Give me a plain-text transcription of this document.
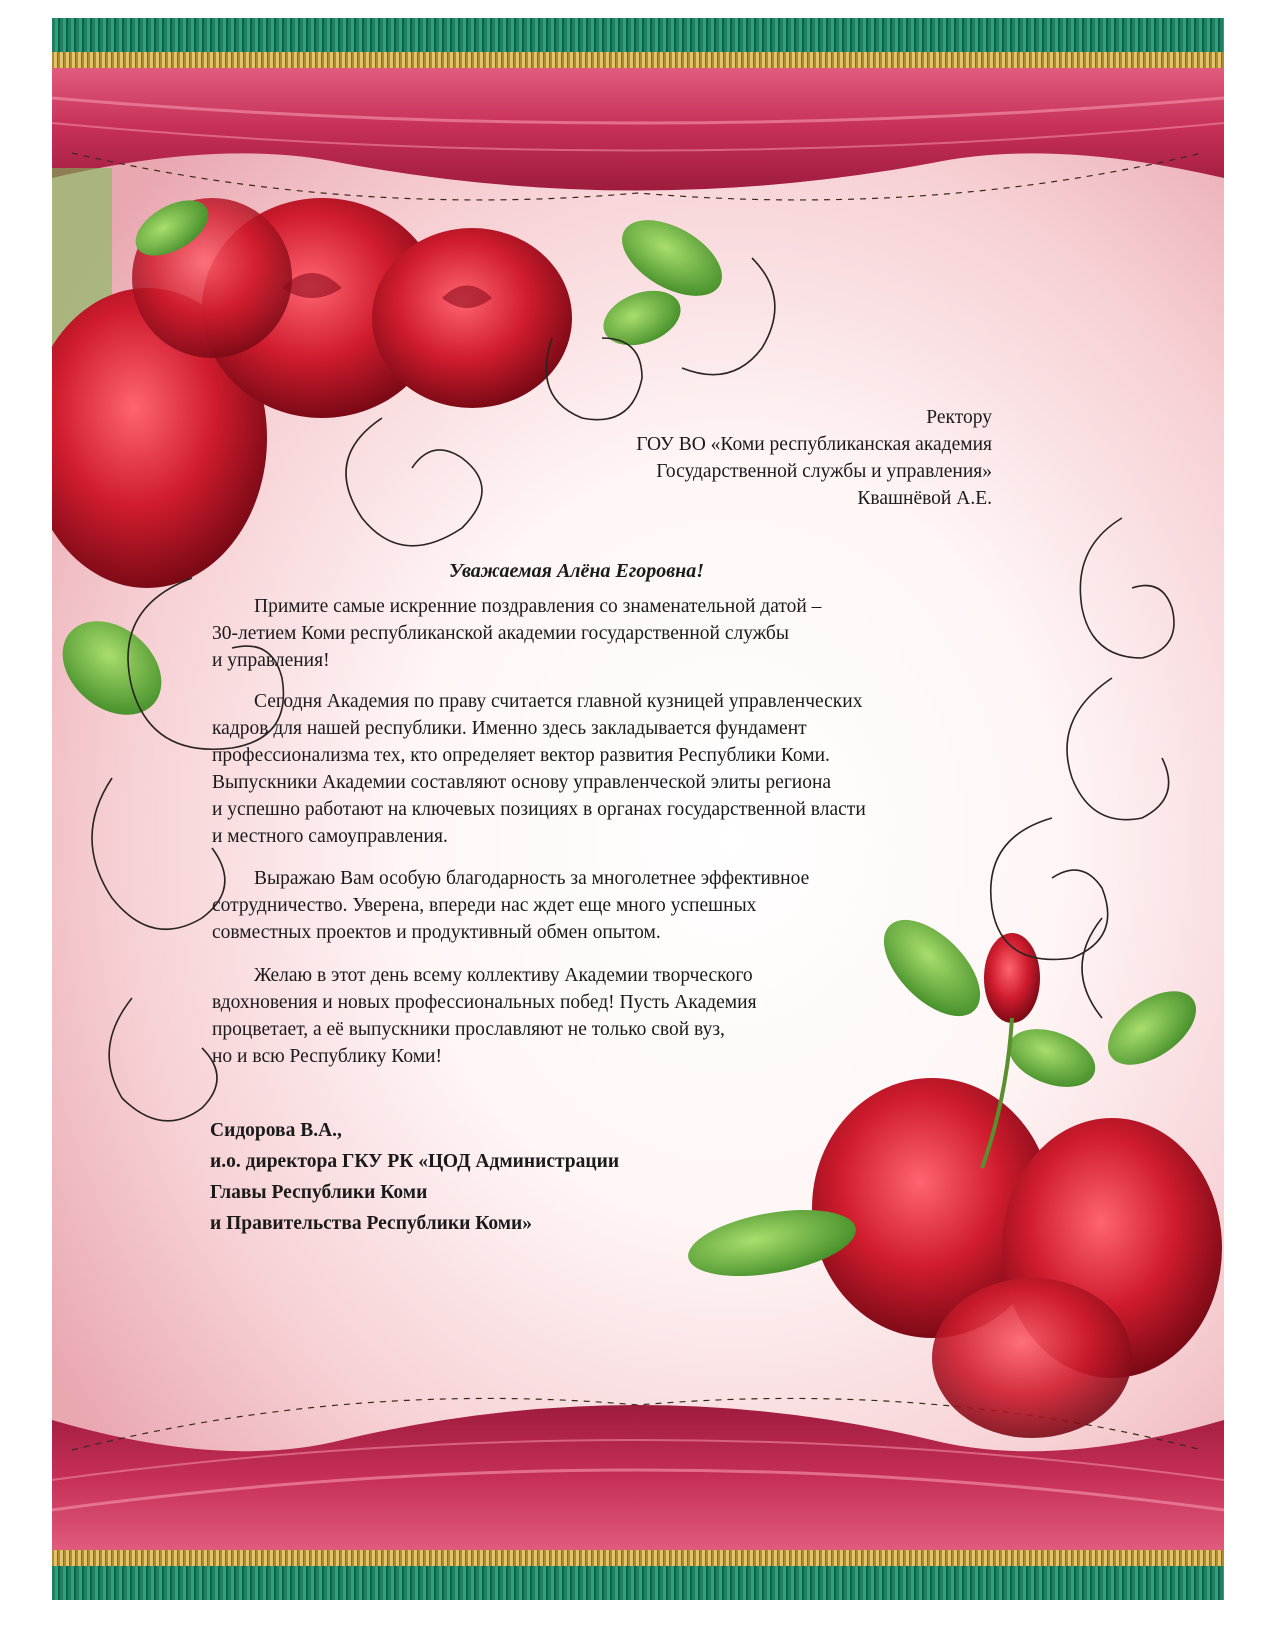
Ректору
ГОУ ВО «Коми республиканская академия
Государственной службы и управления»
Квашнёвой А.Е.
Уважаемая Алёна Егоровна!
Примите самые искренние поздравления со знаменательной датой –
30-летием Коми республиканской академии государственной службы
и управления!
Сегодня Академия по праву считается главной кузницей управленческих
кадров для нашей республики. Именно здесь закладывается фундамент
профессионализма тех, кто определяет вектор развития Республики Коми.
Выпускники Академии составляют основу управленческой элиты региона
и успешно работают на ключевых позициях в органах государственной власти
и местного самоуправления.
Выражаю Вам особую благодарность за многолетнее эффективное
сотрудничество. Уверена, впереди нас ждет еще много успешных
совместных проектов и продуктивный обмен опытом.
Желаю в этот день всему коллективу Академии творческого
вдохновения и новых профессиональных побед! Пусть Академия
процветает, а её выпускники прославляют не только свой вуз,
но и всю Республику Коми!
Сидорова В.А.,
и.о. директора ГКУ РК «ЦОД Администрации
Главы Республики Коми
и Правительства Республики Коми»
